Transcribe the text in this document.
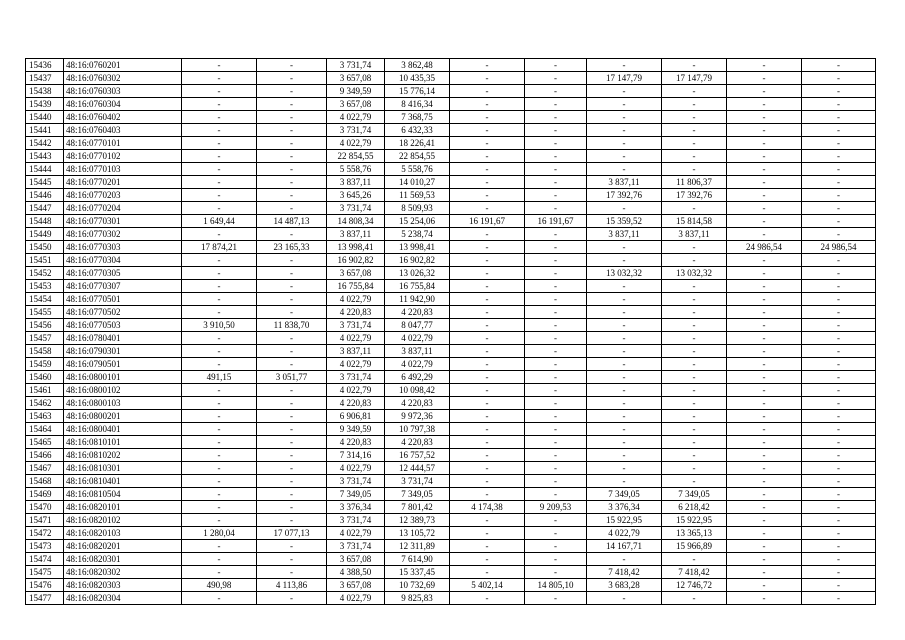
15436	48:16:0760201	-	-	3 731,74	3 862,48	-	-	-	-	-	-
15437	48:16:0760302	-	-	3 657,08	10 435,35	-	-	17 147,79	17 147,79	-	-
15438	48:16:0760303	-	-	9 349,59	15 776,14	-	-	-	-	-	-
15439	48:16:0760304	-	-	3 657,08	8 416,34	-	-	-	-	-	-
15440	48:16:0760402	-	-	4 022,79	7 368,75	-	-	-	-	-	-
15441	48:16:0760403	-	-	3 731,74	6 432,33	-	-	-	-	-	-
15442	48:16:0770101	-	-	4 022,79	18 226,41	-	-	-	-	-	-
15443	48:16:0770102	-	-	22 854,55	22 854,55	-	-	-	-	-	-
15444	48:16:0770103	-	-	5 558,76	5 558,76	-	-	-	-	-	-
15445	48:16:0770201	-	-	3 837,11	14 010,27	-	-	3 837,11	11 806,37	-	-
15446	48:16:0770203	-	-	3 645,26	11 569,53	-	-	17 392,76	17 392,76	-	-
15447	48:16:0770204	-	-	3 731,74	8 509,93	-	-	-	-	-	-
15448	48:16:0770301	1 649,44	14 487,13	14 808,34	15 254,06	16 191,67	16 191,67	15 359,52	15 814,58	-	-
15449	48:16:0770302	-	-	3 837,11	5 238,74	-	-	3 837,11	3 837,11	-	-
15450	48:16:0770303	17 874,21	23 165,33	13 998,41	13 998,41	-	-	-	-	24 986,54	24 986,54
15451	48:16:0770304	-	-	16 902,82	16 902,82	-	-	-	-	-	-
15452	48:16:0770305	-	-	3 657,08	13 026,32	-	-	13 032,32	13 032,32	-	-
15453	48:16:0770307	-	-	16 755,84	16 755,84	-	-	-	-	-	-
15454	48:16:0770501	-	-	4 022,79	11 942,90	-	-	-	-	-	-
15455	48:16:0770502	-	-	4 220,83	4 220,83	-	-	-	-	-	-
15456	48:16:0770503	3 910,50	11 838,70	3 731,74	8 047,77	-	-	-	-	-	-
15457	48:16:0780401	-	-	4 022,79	4 022,79	-	-	-	-	-	-
15458	48:16:0790301	-	-	3 837,11	3 837,11	-	-	-	-	-	-
15459	48:16:0790501	-	-	4 022,79	4 022,79	-	-	-	-	-	-
15460	48:16:0800101	491,15	3 051,77	3 731,74	6 492,29	-	-	-	-	-	-
15461	48:16:0800102	-	-	4 022,79	10 098,42	-	-	-	-	-	-
15462	48:16:0800103	-	-	4 220,83	4 220,83	-	-	-	-	-	-
15463	48:16:0800201	-	-	6 906,81	9 972,36	-	-	-	-	-	-
15464	48:16:0800401	-	-	9 349,59	10 797,38	-	-	-	-	-	-
15465	48:16:0810101	-	-	4 220,83	4 220,83	-	-	-	-	-	-
15466	48:16:0810202	-	-	7 314,16	16 757,52	-	-	-	-	-	-
15467	48:16:0810301	-	-	4 022,79	12 444,57	-	-	-	-	-	-
15468	48:16:0810401	-	-	3 731,74	3 731,74	-	-	-	-	-	-
15469	48:16:0810504	-	-	7 349,05	7 349,05	-	-	7 349,05	7 349,05	-	-
15470	48:16:0820101	-	-	3 376,34	7 801,42	4 174,38	9 209,53	3 376,34	6 218,42	-	-
15471	48:16:0820102	-	-	3 731,74	12 389,73	-	-	15 922,95	15 922,95	-	-
15472	48:16:0820103	1 280,04	17 077,13	4 022,79	13 105,72	-	-	4 022,79	13 365,13	-	-
15473	48:16:0820201	-	-	3 731,74	12 311,89	-	-	14 167,71	15 966,89	-	-
15474	48:16:0820301	-	-	3 657,08	7 614,90	-	-	-	-	-	-
15475	48:16:0820302	-	-	4 388,50	15 337,45	-	-	7 418,42	7 418,42	-	-
15476	48:16:0820303	490,98	4 113,86	3 657,08	10 732,69	5 402,14	14 805,10	3 683,28	12 746,72	-	-
15477	48:16:0820304	-	-	4 022,79	9 825,83	-	-	-	-	-	-
